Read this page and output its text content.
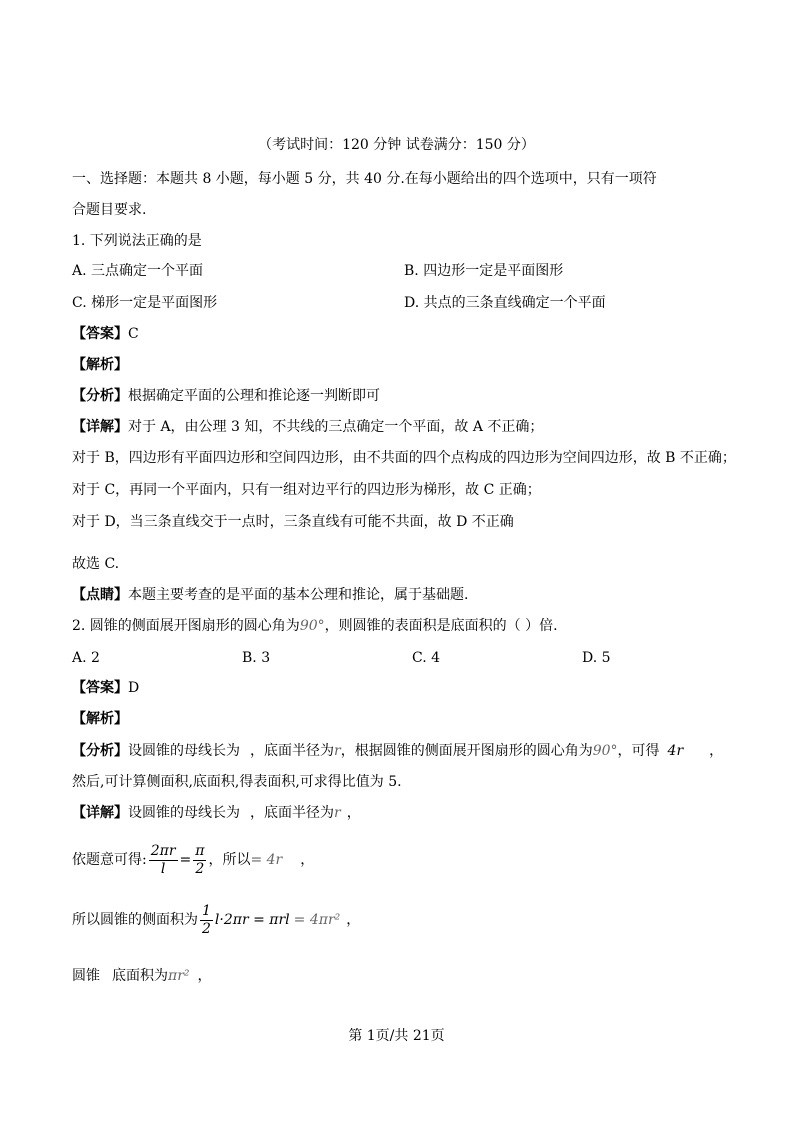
（考试时间：120 分钟 试卷满分：150 分）
一、选择题：本题共 8 小题，每小题 5 分，共 40 分.在每小题给出的四个选项中，只有一项符
合题目要求.
1. 下列说法正确的是
A. 三点确定一个平面	B. 四边形一定是平面图形
C. 梯形一定是平面图形	D. 共点的三条直线确定一个平面
【答案】C
【解析】
【分析】根据确定平面的公理和推论逐一判断即可
【详解】对于 A，由公理 3 知，不共线的三点确定一个平面，故 A 不正确；
对于 B，四边形有平面四边形和空间四边形，由不共面的四个点构成的四边形为空间四边形，故 B 不正确；
对于 C，再同一个平面内，只有一组对边平行的四边形为梯形，故 C 正确；
对于 D，当三条直线交于一点时，三条直线有可能不共面，故 D 不正确
故选 C.
【点睛】本题主要考查的是平面的基本公理和推论，属于基础题.
2. 圆锥的侧面展开图扇形的圆心角为90°，则圆锥的表面积是底面积的（ ）倍.
A. 2	B. 3	C. 4	D. 5
【答案】D
【解析】
【分析】设圆锥的母线长为 ，底面半径为r，根据圆锥的侧面展开图扇形的圆心角为90°，可得 4r ，
然后,可计算侧面积,底面积,得表面积,可求得比值为 5.
【详解】设圆锥的母线长为 ，底面半径为r ，
依题意可得: $\frac{2\pi r}{l} = \frac{\pi}{2}$ ，所以= 4r ，
所以圆锥的侧面积为 $\frac{1}{2} l\cdot 2\pi r = \pi rl = 4\pi r^2$ ，
圆锥 底面积为πr² ，
第 1页/共 21页
